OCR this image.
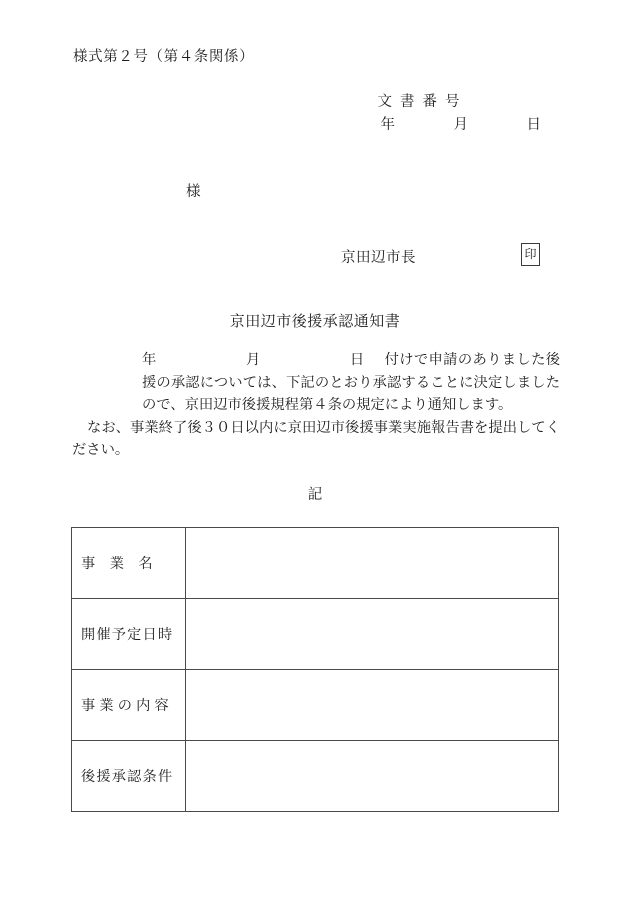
様式第２号（第４条関係）
文書番号
年　月　日
様
京田辺市長	印
京田辺市後援承認通知書

年　　月　　日付けで申請のありました後援の承認については、下記のとおり承認することに決定しましたので、京田辺市後援規程第４条の規定により通知します。

なお、事業終了後３０日以内に京田辺市後援事業実施報告書を提出してください。

記
事業名	
開催予定日時	
事業の内容	
後援承認条件	
